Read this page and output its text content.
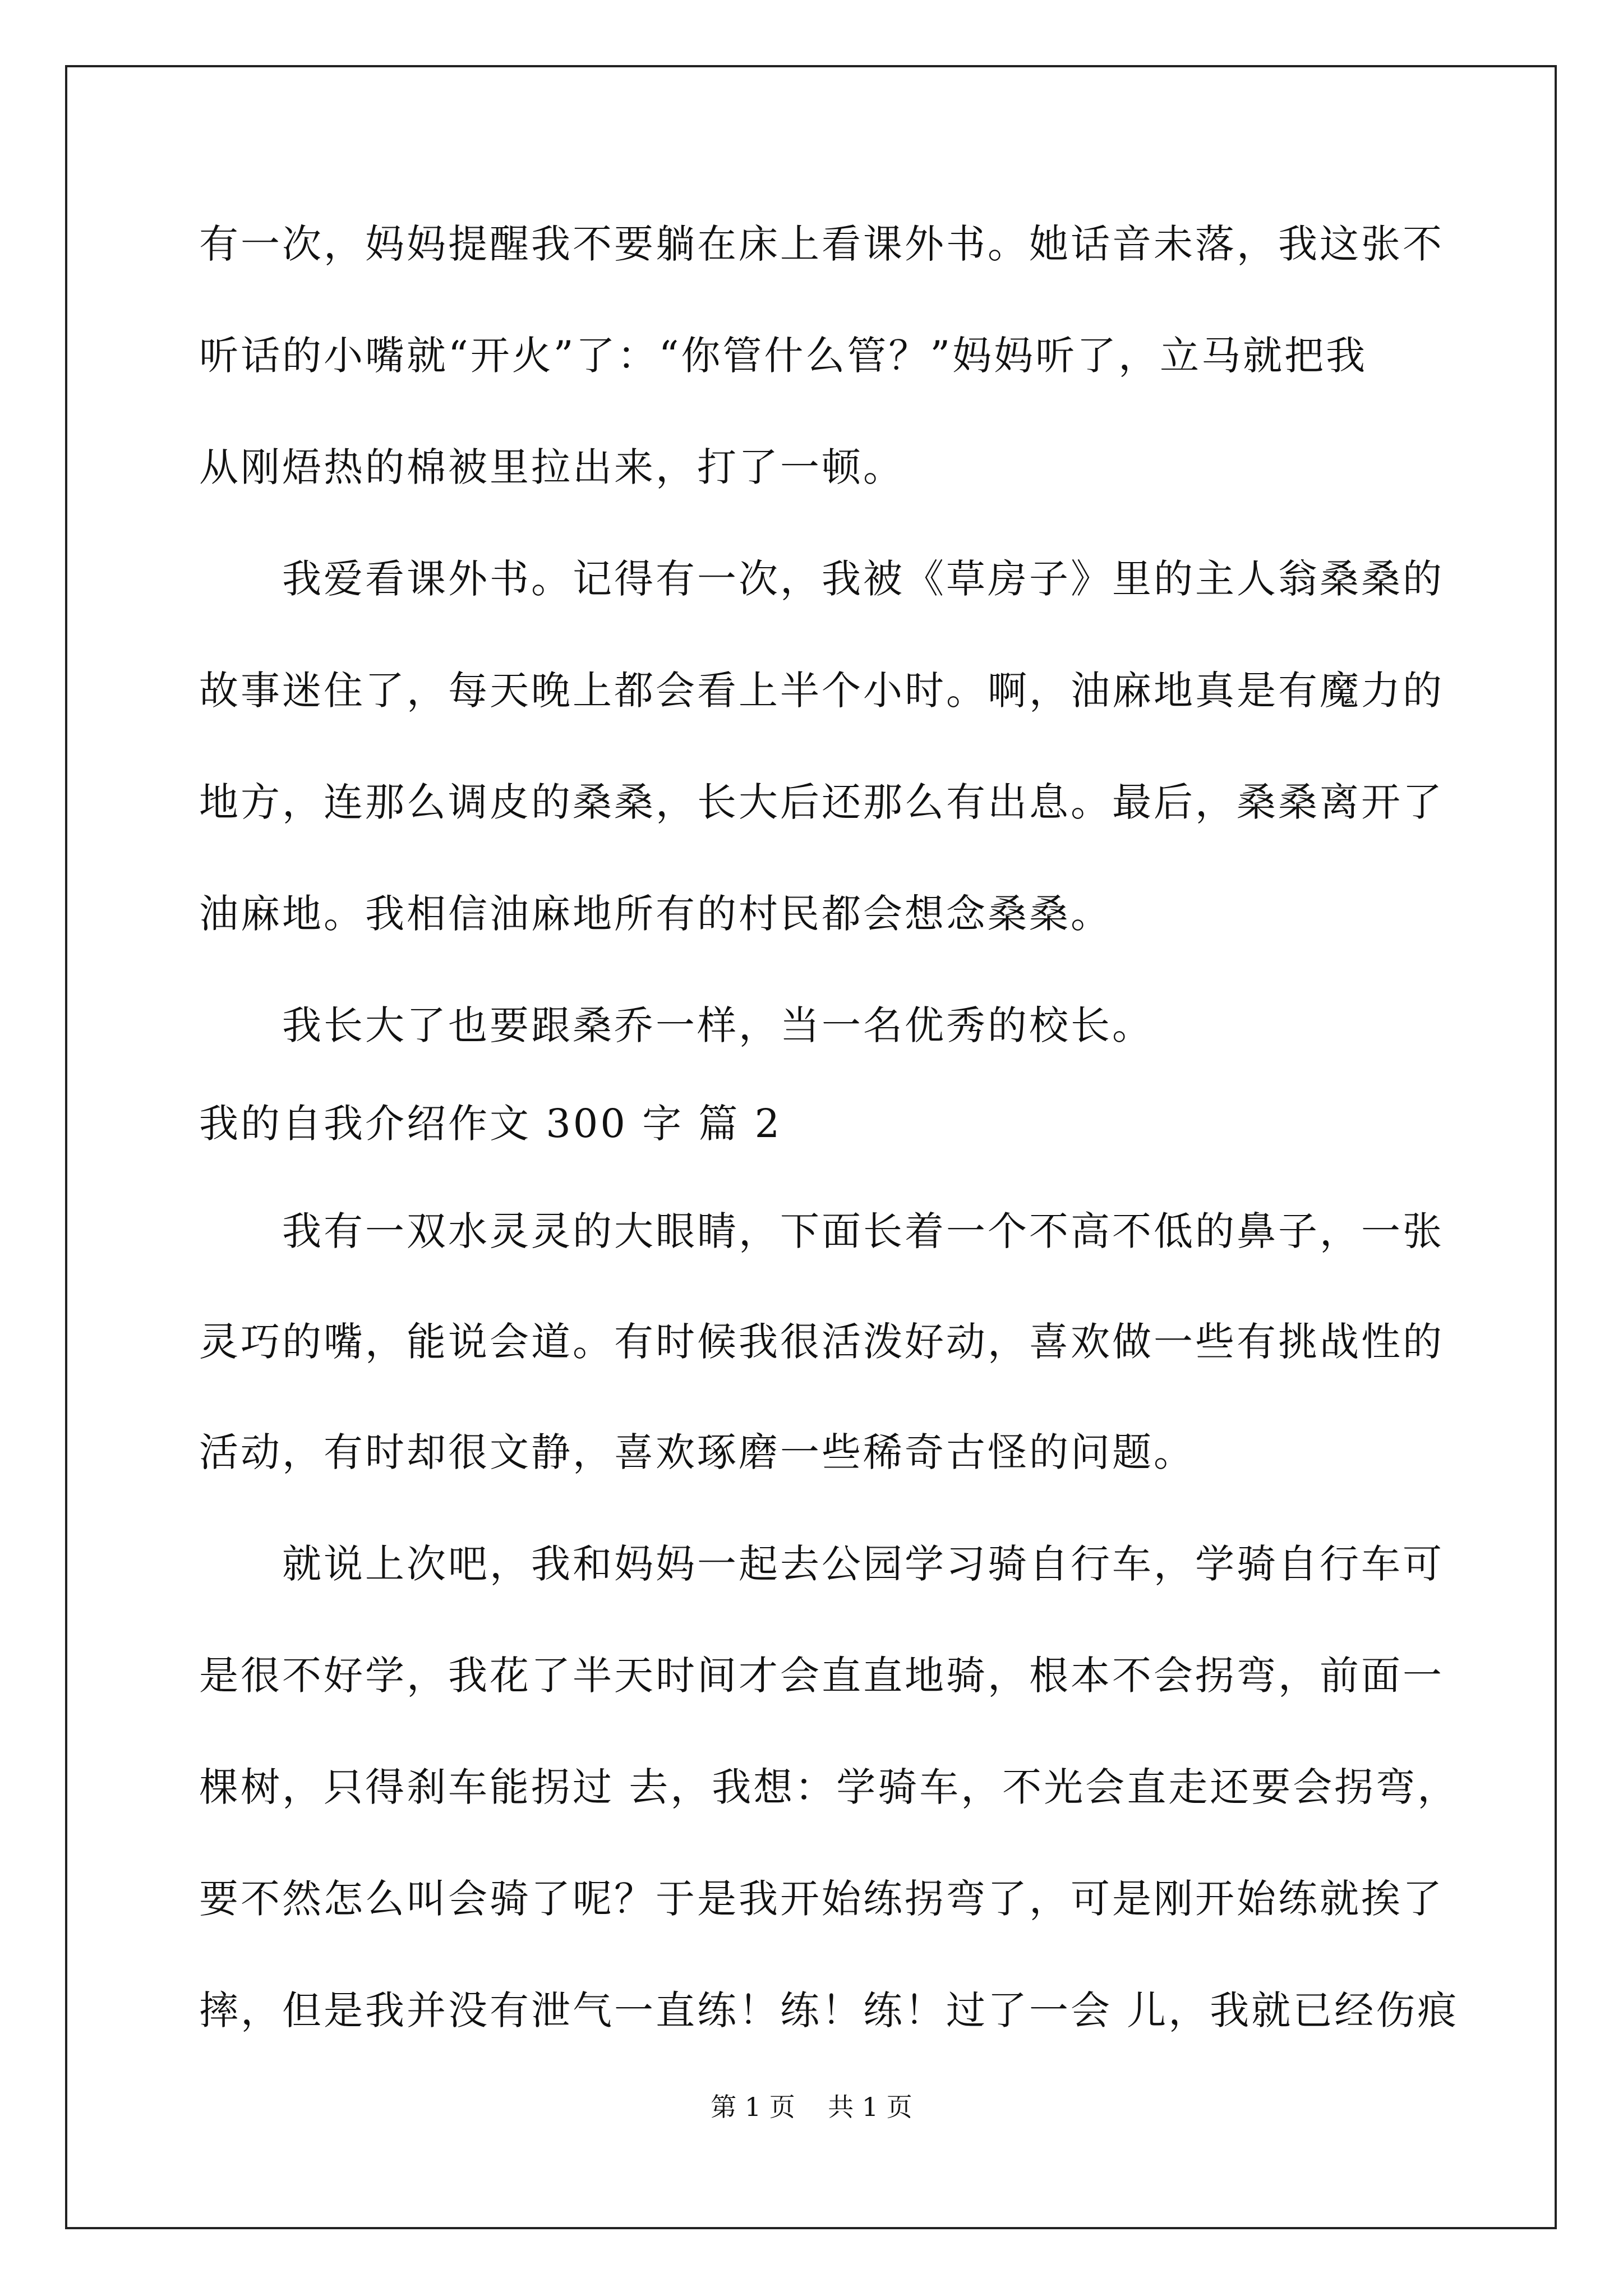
有一次，妈妈提醒我不要躺在床上看课外书。她话音未落，我这张不
听话的小嘴就“开火”了：“你管什么管？”妈妈听了，立马就把我
从刚焐热的棉被里拉出来，打了一顿。
我爱看课外书。记得有一次，我被《草房子》里的主人翁桑桑的
故事迷住了，每天晚上都会看上半个小时。啊，油麻地真是有魔力的
地方，连那么调皮的桑桑，长大后还那么有出息。最后，桑桑离开了
油麻地。我相信油麻地所有的村民都会想念桑桑。
我长大了也要跟桑乔一样，当一名优秀的校长。
我的自我介绍作文 300 字 篇 2
我有一双水灵灵的大眼睛，下面长着一个不高不低的鼻子，一张
灵巧的嘴，能说会道。有时候我很活泼好动，喜欢做一些有挑战性的
活动，有时却很文静，喜欢琢磨一些稀奇古怪的问题。
就说上次吧，我和妈妈一起去公园学习骑自行车，学骑自行车可
是很不好学，我花了半天时间才会直直地骑，根本不会拐弯，前面一
棵树，只得刹车能拐过 去，我想：学骑车，不光会直走还要会拐弯，
要不然怎么叫会骑了呢？于是我开始练拐弯了，可是刚开始练就挨了
摔，但是我并没有泄气一直练！练！练！过了一会 儿，我就已经伤痕
第 1 页    共 1 页
